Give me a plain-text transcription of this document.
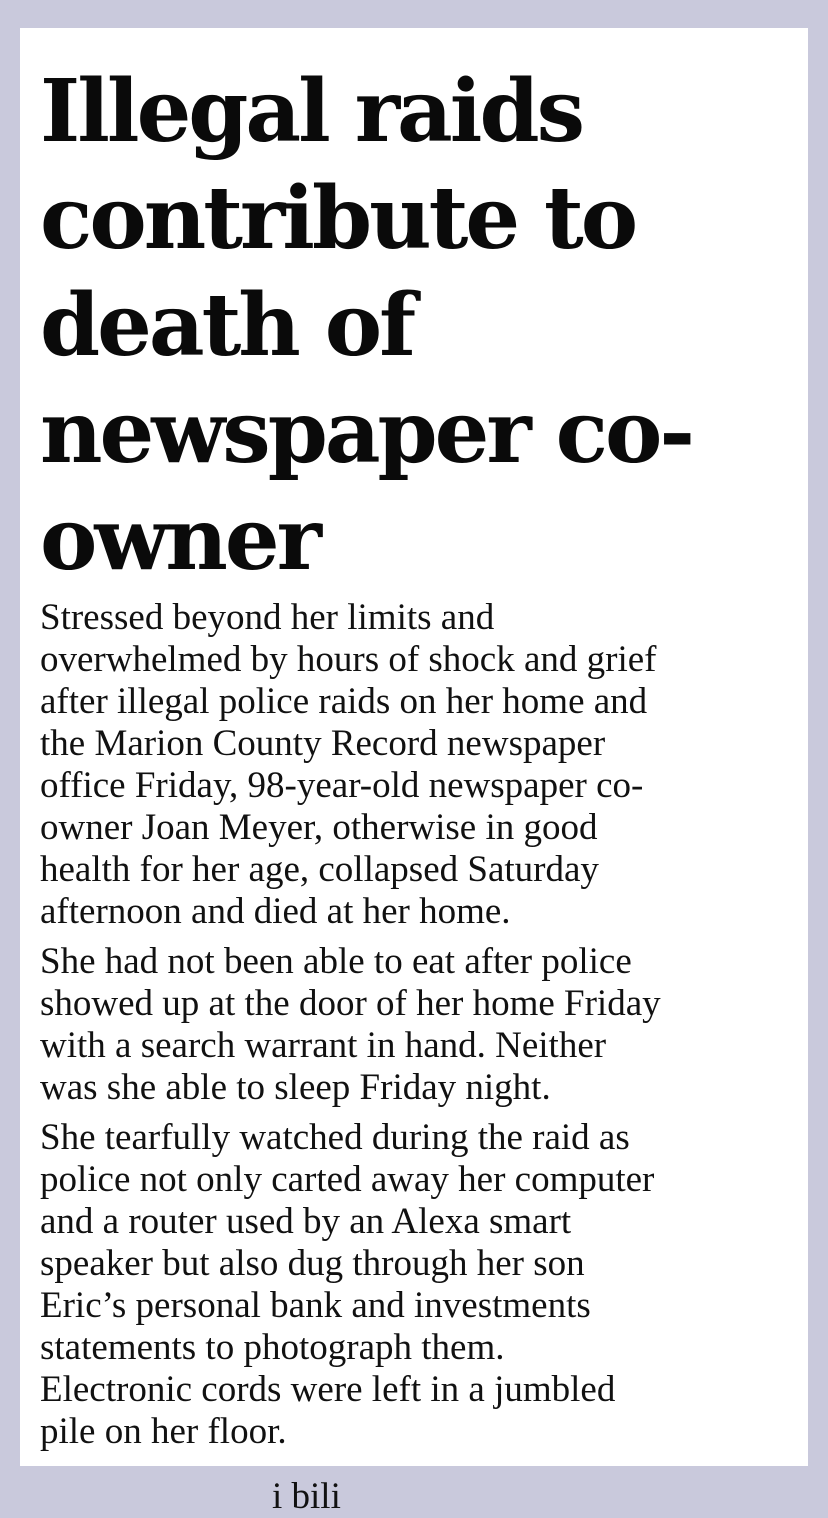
Illegal raids
contribute to
death of
newspaper co-
owner

Stressed beyond her limits and
overwhelmed by hours of shock and grief
after illegal police raids on her home and
the Marion County Record newspaper
office Friday, 98-year-old newspaper co-
owner Joan Meyer, otherwise in good
health for her age, collapsed Saturday
afternoon and died at her home.

She had not been able to eat after police
showed up at the door of her home Friday
with a search warrant in hand. Neither
was she able to sleep Friday night.

She tearfully watched during the raid as
police not only carted away her computer
and a router used by an Alexa smart
speaker but also dug through her son
Eric’s personal bank and investments
statements to photograph them.
Electronic cords were left in a jumbled
pile on her floor.

i bili
